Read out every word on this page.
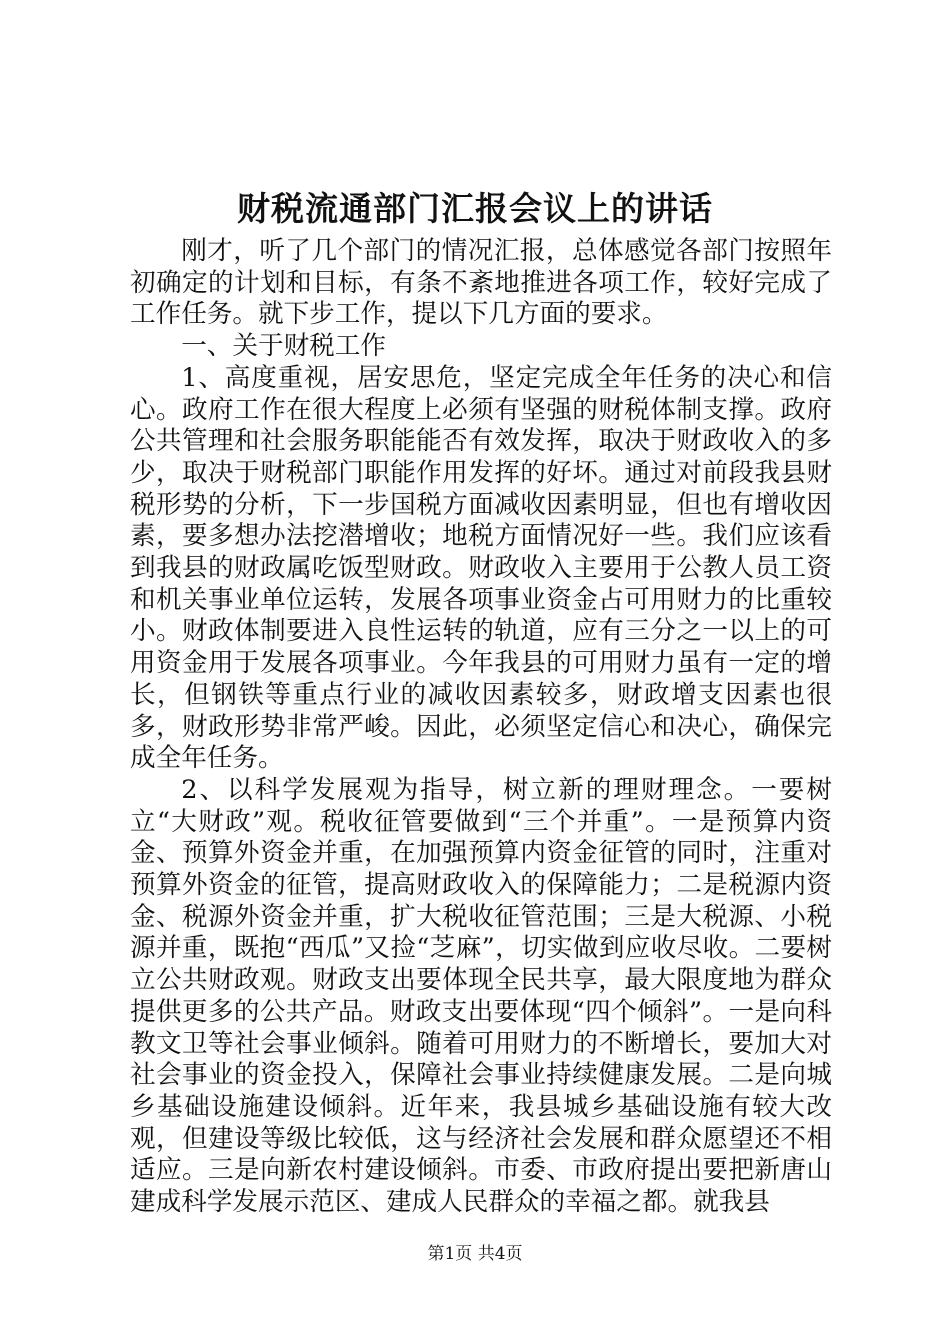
财税流通部门汇报会议上的讲话

刚才，听了几个部门的情况汇报，总体感觉各部门按照年初确定的计划和目标，有条不紊地推进各项工作，较好完成了工作任务。就下步工作，提以下几方面的要求。

一、关于财税工作

1、高度重视，居安思危，坚定完成全年任务的决心和信心。政府工作在很大程度上必须有坚强的财税体制支撑。政府公共管理和社会服务职能能否有效发挥，取决于财政收入的多少，取决于财税部门职能作用发挥的好坏。通过对前段我县财税形势的分析，下一步国税方面减收因素明显，但也有增收因素，要多想办法挖潜增收；地税方面情况好一些。我们应该看到我县的财政属吃饭型财政。财政收入主要用于公教人员工资和机关事业单位运转，发展各项事业资金占可用财力的比重较小。财政体制要进入良性运转的轨道，应有三分之一以上的可用资金用于发展各项事业。今年我县的可用财力虽有一定的增长，但钢铁等重点行业的减收因素较多，财政增支因素也很多，财政形势非常严峻。因此，必须坚定信心和决心，确保完成全年任务。

2、以科学发展观为指导，树立新的理财理念。一要树立“大财政”观。税收征管要做到“三个并重”。一是预算内资金、预算外资金并重，在加强预算内资金征管的同时，注重对预算外资金的征管，提高财政收入的保障能力；二是税源内资金、税源外资金并重，扩大税收征管范围；三是大税源、小税源并重，既抱“西瓜”又捡“芝麻”，切实做到应收尽收。二要树立公共财政观。财政支出要体现全民共享，最大限度地为群众提供更多的公共产品。财政支出要体现“四个倾斜”。一是向科教文卫等社会事业倾斜。随着可用财力的不断增长，要加大对社会事业的资金投入，保障社会事业持续健康发展。二是向城乡基础设施建设倾斜。近年来，我县城乡基础设施有较大改观，但建设等级比较低，这与经济社会发展和群众愿望还不相适应。三是向新农村建设倾斜。市委、市政府提出要把新唐山建成科学发展示范区、建成人民群众的幸福之都。就我县

第1页 共4页
